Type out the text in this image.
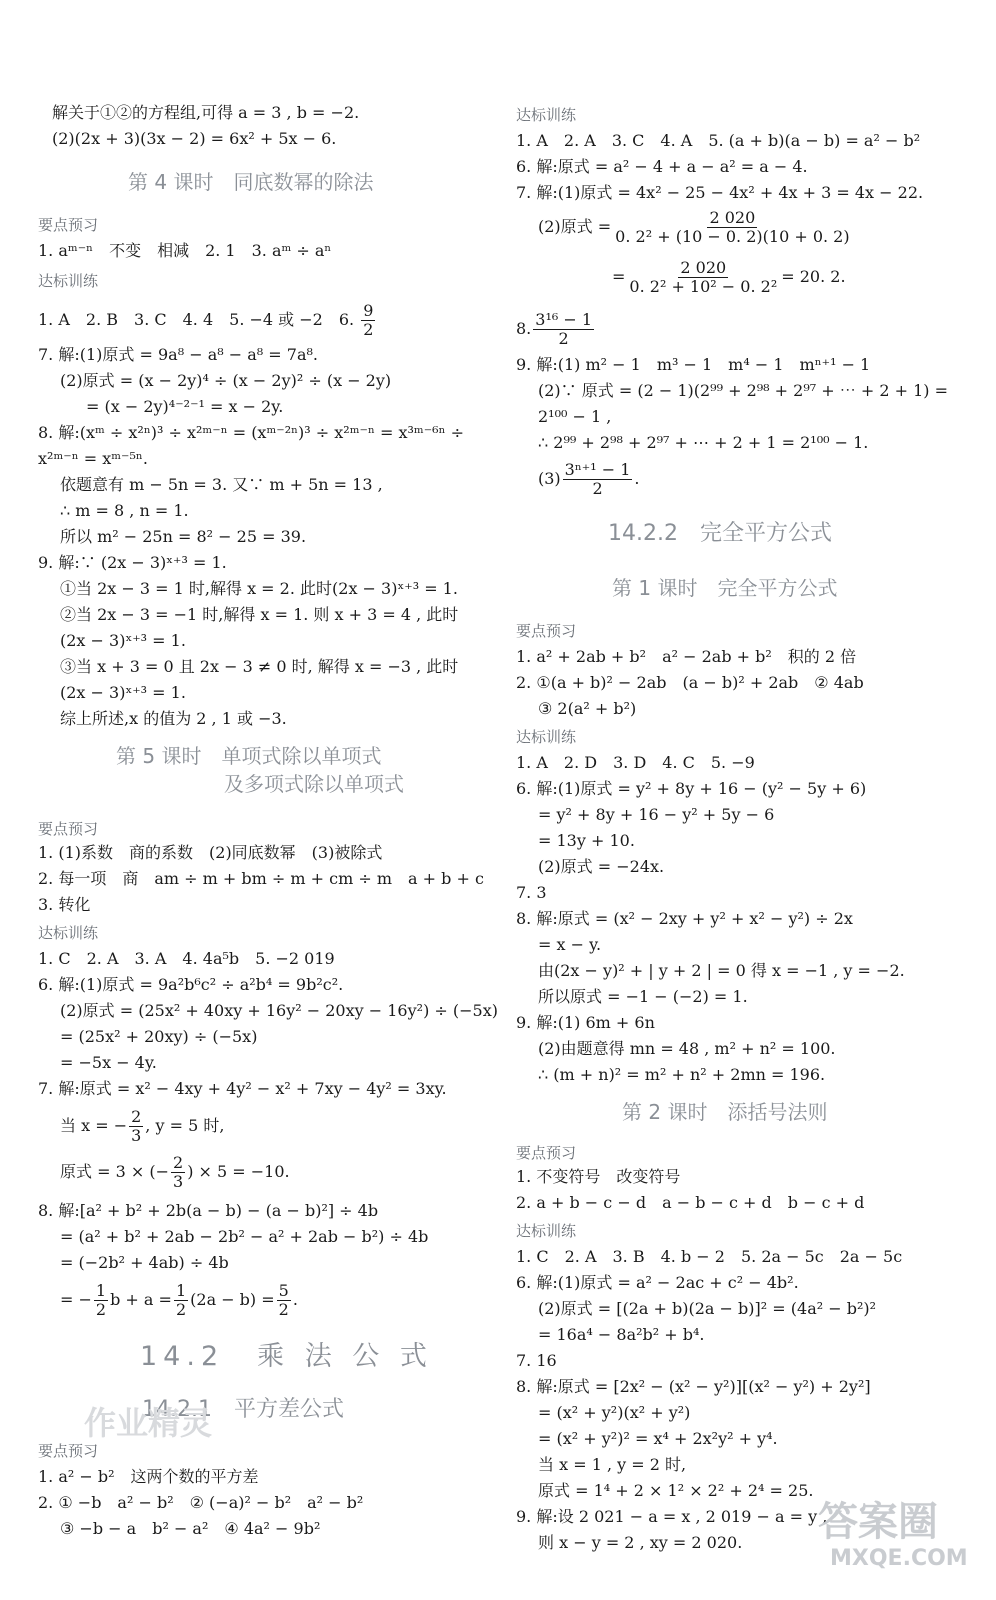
解关于①②的方程组,可得 a = 3 , b = −2.
(2)(2x + 3)(3x − 2) = 6x² + 5x − 6.
第 4 课时　同底数幂的除法
要点预习
1. aᵐ⁻ⁿ　不变　相减　2. 1　3. aᵐ ÷ aⁿ
达标训练
1. A　2. B　3. C　4. 4　5. −4 或 −2　6. $\frac{9}{2}$
7. 解:(1)原式 = 9a⁸ − a⁸ − a⁸ = 7a⁸.
(2)原式 = (x − 2y)⁴ ÷ (x − 2y)² ÷ (x − 2y)
= (x − 2y)⁴⁻²⁻¹ = x − 2y.
8. 解:(xᵐ ÷ x²ⁿ)³ ÷ x²ᵐ⁻ⁿ = (xᵐ⁻²ⁿ)³ ÷ x²ᵐ⁻ⁿ = x³ᵐ⁻⁶ⁿ ÷
x²ᵐ⁻ⁿ = xᵐ⁻⁵ⁿ.
依题意有 m − 5n = 3. 又∵ m + 5n = 13 ,
∴ m = 8 , n = 1.
所以 m² − 25n = 8² − 25 = 39.
9. 解:∵ (2x − 3)ˣ⁺³ = 1.
①当 2x − 3 = 1 时,解得 x = 2. 此时(2x − 3)ˣ⁺³ = 1.
②当 2x − 3 = −1 时,解得 x = 1. 则 x + 3 = 4 , 此时
(2x − 3)ˣ⁺³ = 1.
③当 x + 3 = 0 且 2x − 3 ≠ 0 时, 解得 x = −3 , 此时
(2x − 3)ˣ⁺³ = 1.
综上所述,x 的值为 2 , 1 或 −3.
第 5 课时　单项式除以单项式
及多项式除以单项式
要点预习
1. (1)系数　商的系数　(2)同底数幂　(3)被除式
2. 每一项　商　am ÷ m + bm ÷ m + cm ÷ m　a + b + c
3. 转化
达标训练
1. C　2. A　3. A　4. 4a⁵b　5. −2 019
6. 解:(1)原式 = 9a²b⁶c² ÷ a²b⁴ = 9b²c².
(2)原式 = (25x² + 40xy + 16y² − 20xy − 16y²) ÷ (−5x)
= (25x² + 20xy) ÷ (−5x)
= −5x − 4y.
7. 解:原式 = x² − 4xy + 4y² − x² + 7xy − 4y² = 3xy.
当 x = − $\frac{2}{3}$ , y = 5 时,
原式 = 3 × (− $\frac{2}{3}$ ) × 5 = −10.
8. 解:[a² + b² + 2b(a − b) − (a − b)²] ÷ 4b
= (a² + b² + 2ab − 2b² − a² + 2ab − b²) ÷ 4b
= (−2b² + 4ab) ÷ 4b
= − $\frac{1}{2}$ $b + a = \frac{1}{2} (2a - b) = \frac{5}{2}$ .
14.2　乘 法 公 式
14.2.1　平方差公式
作业精灵
要点预习
1. a² − b²　这两个数的平方差
2. ① −b　a² − b²　② (−a)² − b²　a² − b²
③ −b − a　b² − a²　④ 4a² − 9b²
达标训练
1. A　2. A　3. C　4. A　5. (a + b)(a − b) = a² − b²
6. 解:原式 = a² − 4 + a − a² = a − 4.
7. 解:(1)原式 = 4x² − 25 − 4x² + 4x + 3 = 4x − 22.
(2)原式 = $\frac{2 020}{\text{0. 2² + (10 − 0. 2)(10 + 0. 2)}}$
= $\frac{2 020}{\text{0. 2² + 10² − 0. 2²}} = 20$. 2.
8. $\frac{\text{3¹⁶ − 1}}{2}$
9. 解:(1) m² − 1　m³ − 1　m⁴ − 1　mⁿ⁺¹ − 1
(2)∵ 原式 = (2 − 1)(2⁹⁹ + 2⁹⁸ + 2⁹⁷ + ⋯ + 2 + 1) =
2¹⁰⁰ − 1 ,
∴ 2⁹⁹ + 2⁹⁸ + 2⁹⁷ + ⋯ + 2 + 1 = 2¹⁰⁰ − 1.
$(3) \frac{\text{3ⁿ⁺¹ − 1}}{2}$ .
14.2.2　完全平方公式
第 1 课时　完全平方公式
要点预习
1. a² + 2ab + b²　a² − 2ab + b²　积的 2 倍
2. ①(a + b)² − 2ab　(a − b)² + 2ab　② 4ab
③ 2(a² + b²)
达标训练
1. A　2. D　3. D　4. C　5. −9
6. 解:(1)原式 = y² + 8y + 16 − (y² − 5y + 6)
= y² + 8y + 16 − y² + 5y − 6
= 13y + 10.
(2)原式 = −24x.
7. 3
8. 解:原式 = (x² − 2xy + y² + x² − y²) ÷ 2x
= x − y.
由(2x − y)² + | y + 2 | = 0 得 x = −1 , y = −2.
所以原式 = −1 − (−2) = 1.
9. 解:(1) 6m + 6n
(2)由题意得 mn = 48 , m² + n² = 100.
∴ (m + n)² = m² + n² + 2mn = 196.
第 2 课时　添括号法则
要点预习
1. 不变符号　改变符号
2. a + b − c − d　a − b − c + d　b − c + d
达标训练
1. C　2. A　3. B　4. b − 2　5. 2a − 5c　2a − 5c
6. 解:(1)原式 = a² − 2ac + c² − 4b².
(2)原式 = [(2a + b)(2a − b)]² = (4a² − b²)²
= 16a⁴ − 8a²b² + b⁴.
7. 16
8. 解:原式 = [2x² − (x² − y²)][(x² − y²) + 2y²]
= (x² + y²)(x² + y²)
= (x² + y²)² = x⁴ + 2x²y² + y⁴.
当 x = 1 , y = 2 时,
原式 = 1⁴ + 2 × 1² × 2² + 2⁴ = 25.
9. 解:设 2 021 − a = x , 2 019 − a = y ,
则 x − y = 2 , xy = 2 020. 答案圈
MXQE.COM
